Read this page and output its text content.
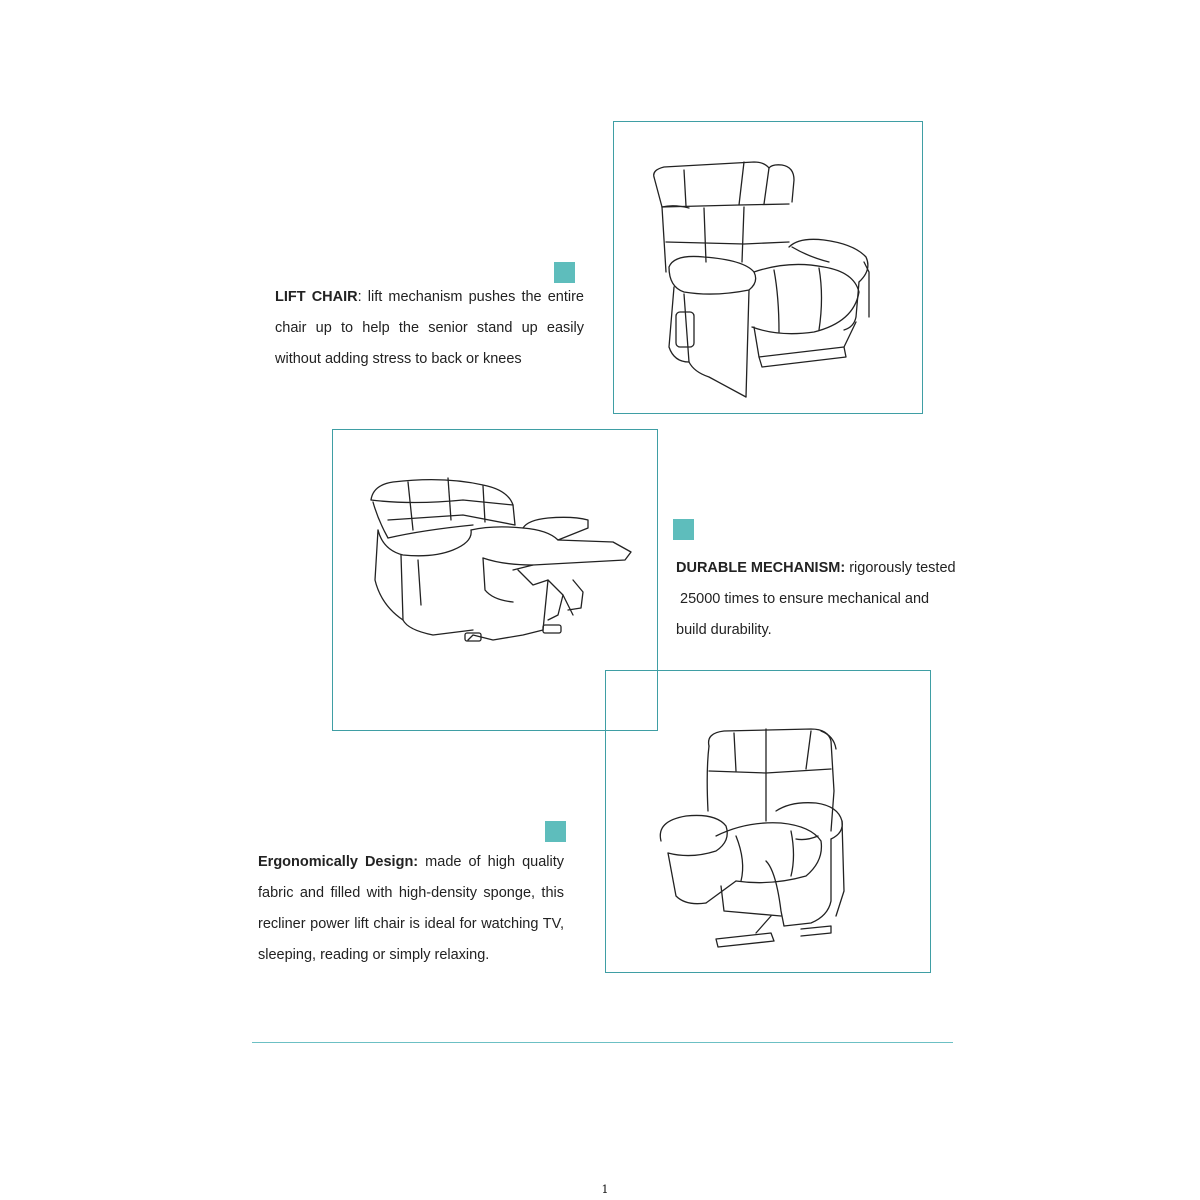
LIFT CHAIR: lift mechanism pushes the entire chair up to help the senior stand up easily without adding stress to back or knees
DURABLE MECHANISM: rigorously tested
25000 times to ensure mechanical and
build durability.
Ergonomically Design: made of high quality fabric and filled with high-density sponge, this recliner power lift chair is ideal for watching TV, sleeping, reading or simply relaxing.
1
